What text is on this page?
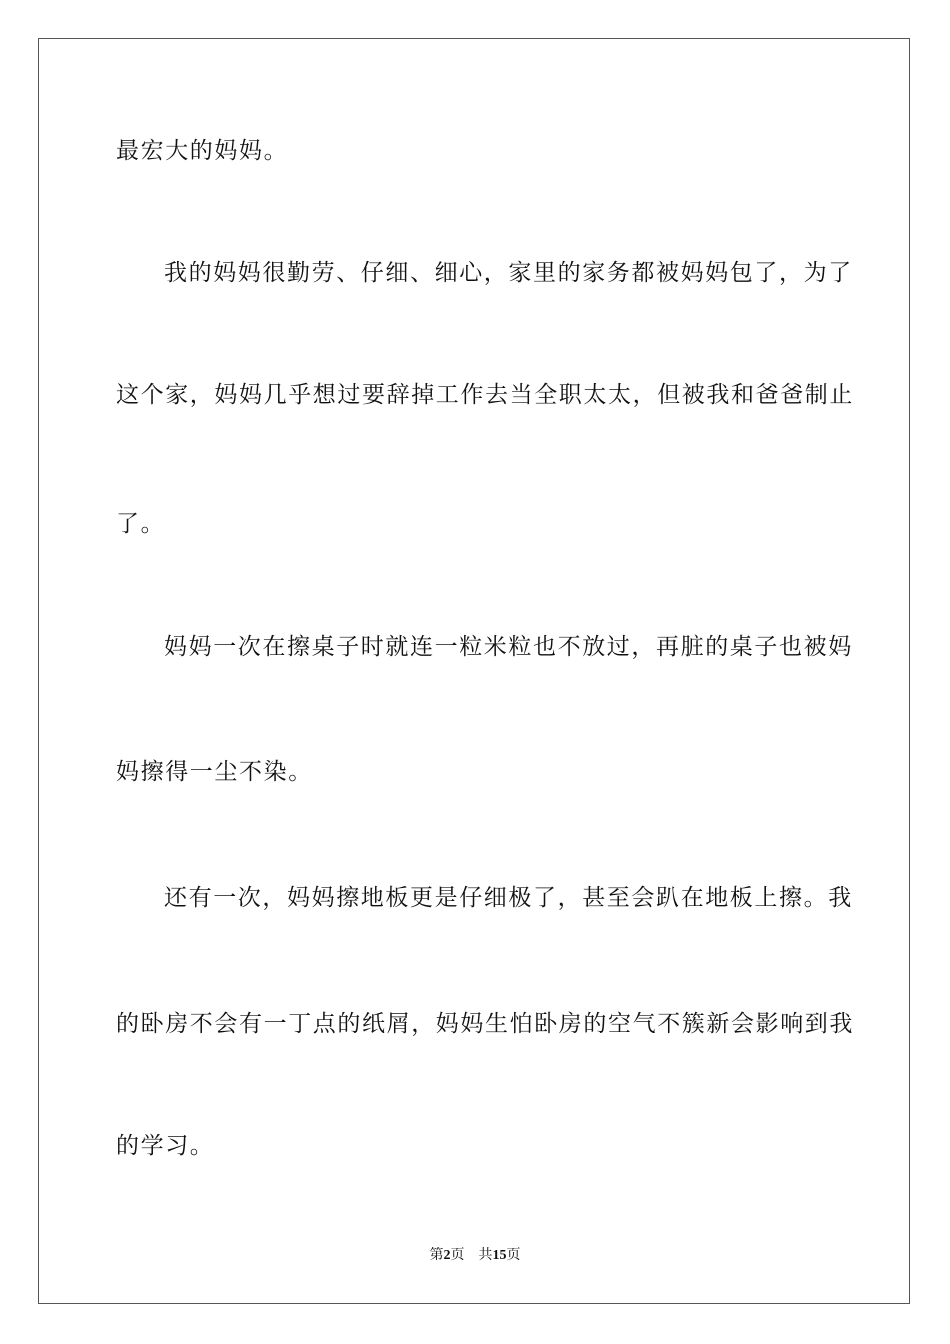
最宏大的妈妈。
我的妈妈很勤劳、仔细、细心，家里的家务都被妈妈包了，为了
这个家，妈妈几乎想过要辞掉工作去当全职太太，但被我和爸爸制止
了。
妈妈一次在擦桌子时就连一粒米粒也不放过，再脏的桌子也被妈
妈擦得一尘不染。
还有一次，妈妈擦地板更是仔细极了，甚至会趴在地板上擦。我
的卧房不会有一丁点的纸屑，妈妈生怕卧房的空气不簇新会影响到我
的学习。
第2页 共15页
